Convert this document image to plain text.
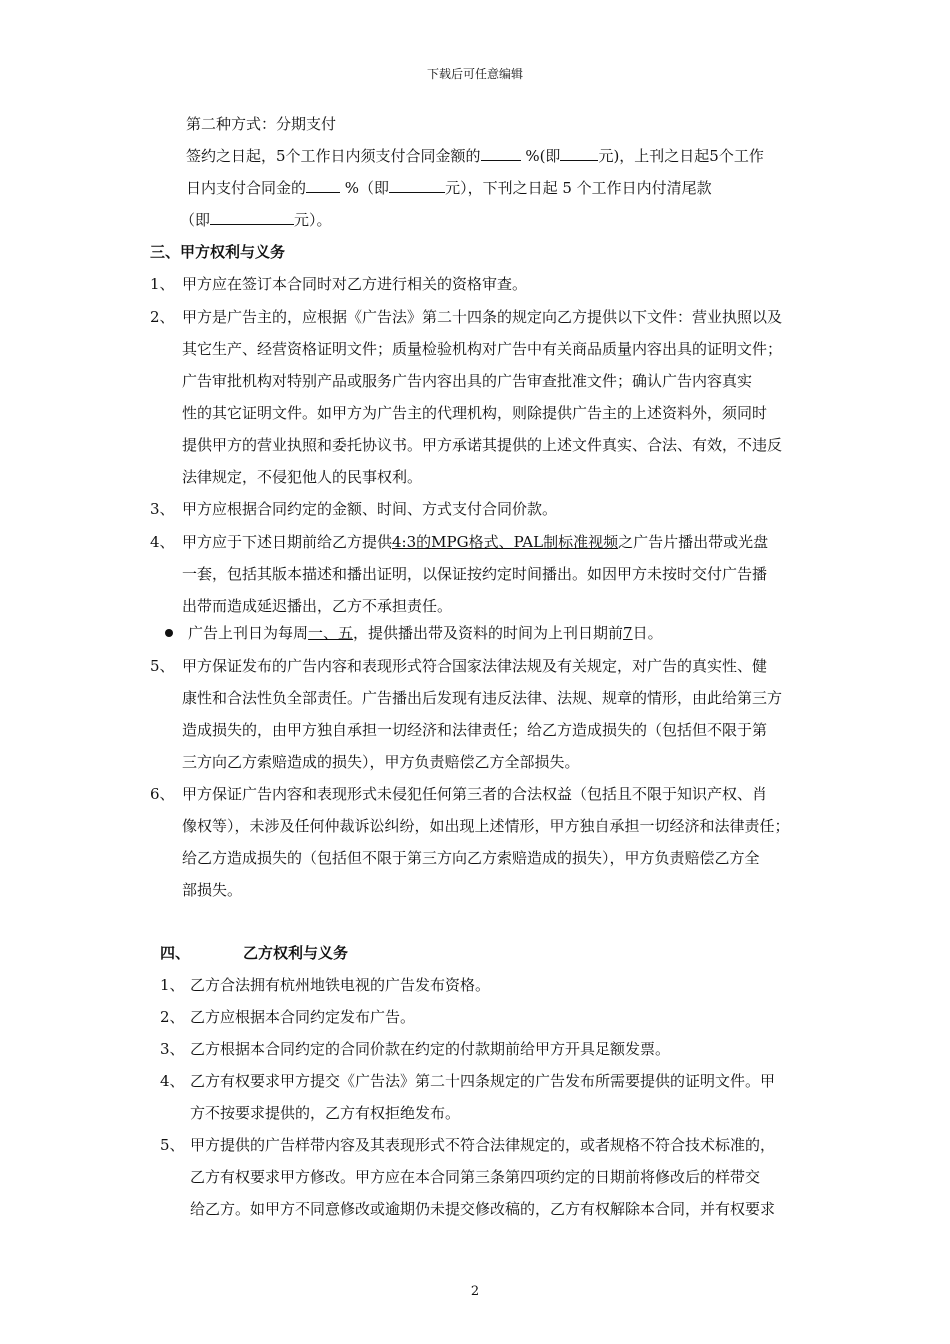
下载后可任意编辑
第二种方式：分期支付
签约之日起，5个工作日内须支付合同金额的	%(即	元)，上刊之日起5个工作
日内支付合同金的	%（即	元），下刊之日起 5 个工作日内付清尾款
（即	元）。
三、甲方权利与义务
1、 甲方应在签订本合同时对乙方进行相关的资格审查。
2、 甲方是广告主的，应根据《广告法》第二十四条的规定向乙方提供以下文件：营业执照以及
其它生产、经营资格证明文件；质量检验机构对广告中有关商品质量内容出具的证明文件；
广告审批机构对特别产品或服务广告内容出具的广告审查批准文件；确认广告内容真实
性的其它证明文件。如甲方为广告主的代理机构，则除提供广告主的上述资料外，须同时
提供甲方的营业执照和委托协议书。甲方承诺其提供的上述文件真实、合法、有效，不违反
法律规定，不侵犯他人的民事权利。
3、 甲方应根据合同约定的金额、时间、方式支付合同价款。
4、 甲方应于下述日期前给乙方提供4:3的MPG格式、PAL制标准视频之广告片播出带或光盘
一套，包括其版本描述和播出证明，以保证按约定时间播出。如因甲方未按时交付广告播
出带而造成延迟播出，乙方不承担责任。
广告上刊日为每周一、五，提供播出带及资料的时间为上刊日期前7日。
5、 甲方保证发布的广告内容和表现形式符合国家法律法规及有关规定，对广告的真实性、健
康性和合法性负全部责任。广告播出后发现有违反法律、法规、规章的情形，由此给第三方
造成损失的，由甲方独自承担一切经济和法律责任；给乙方造成损失的（包括但不限于第
三方向乙方索赔造成的损失），甲方负责赔偿乙方全部损失。
6、 甲方保证广告内容和表现形式未侵犯任何第三者的合法权益（包括且不限于知识产权、肖
像权等），未涉及任何仲裁诉讼纠纷，如出现上述情形，甲方独自承担一切经济和法律责任；
给乙方造成损失的（包括但不限于第三方向乙方索赔造成的损失），甲方负责赔偿乙方全
部损失。
四、	乙方权利与义务
1、 乙方合法拥有杭州地铁电视的广告发布资格。
2、 乙方应根据本合同约定发布广告。
3、 乙方根据本合同约定的合同价款在约定的付款期前给甲方开具足额发票。
4、 乙方有权要求甲方提交《广告法》第二十四条规定的广告发布所需要提供的证明文件。甲
方不按要求提供的，乙方有权拒绝发布。
5、 甲方提供的广告样带内容及其表现形式不符合法律规定的，或者规格不符合技术标准的，
乙方有权要求甲方修改。甲方应在本合同第三条第四项约定的日期前将修改后的样带交
给乙方。如甲方不同意修改或逾期仍未提交修改稿的，乙方有权解除本合同，并有权要求
2
